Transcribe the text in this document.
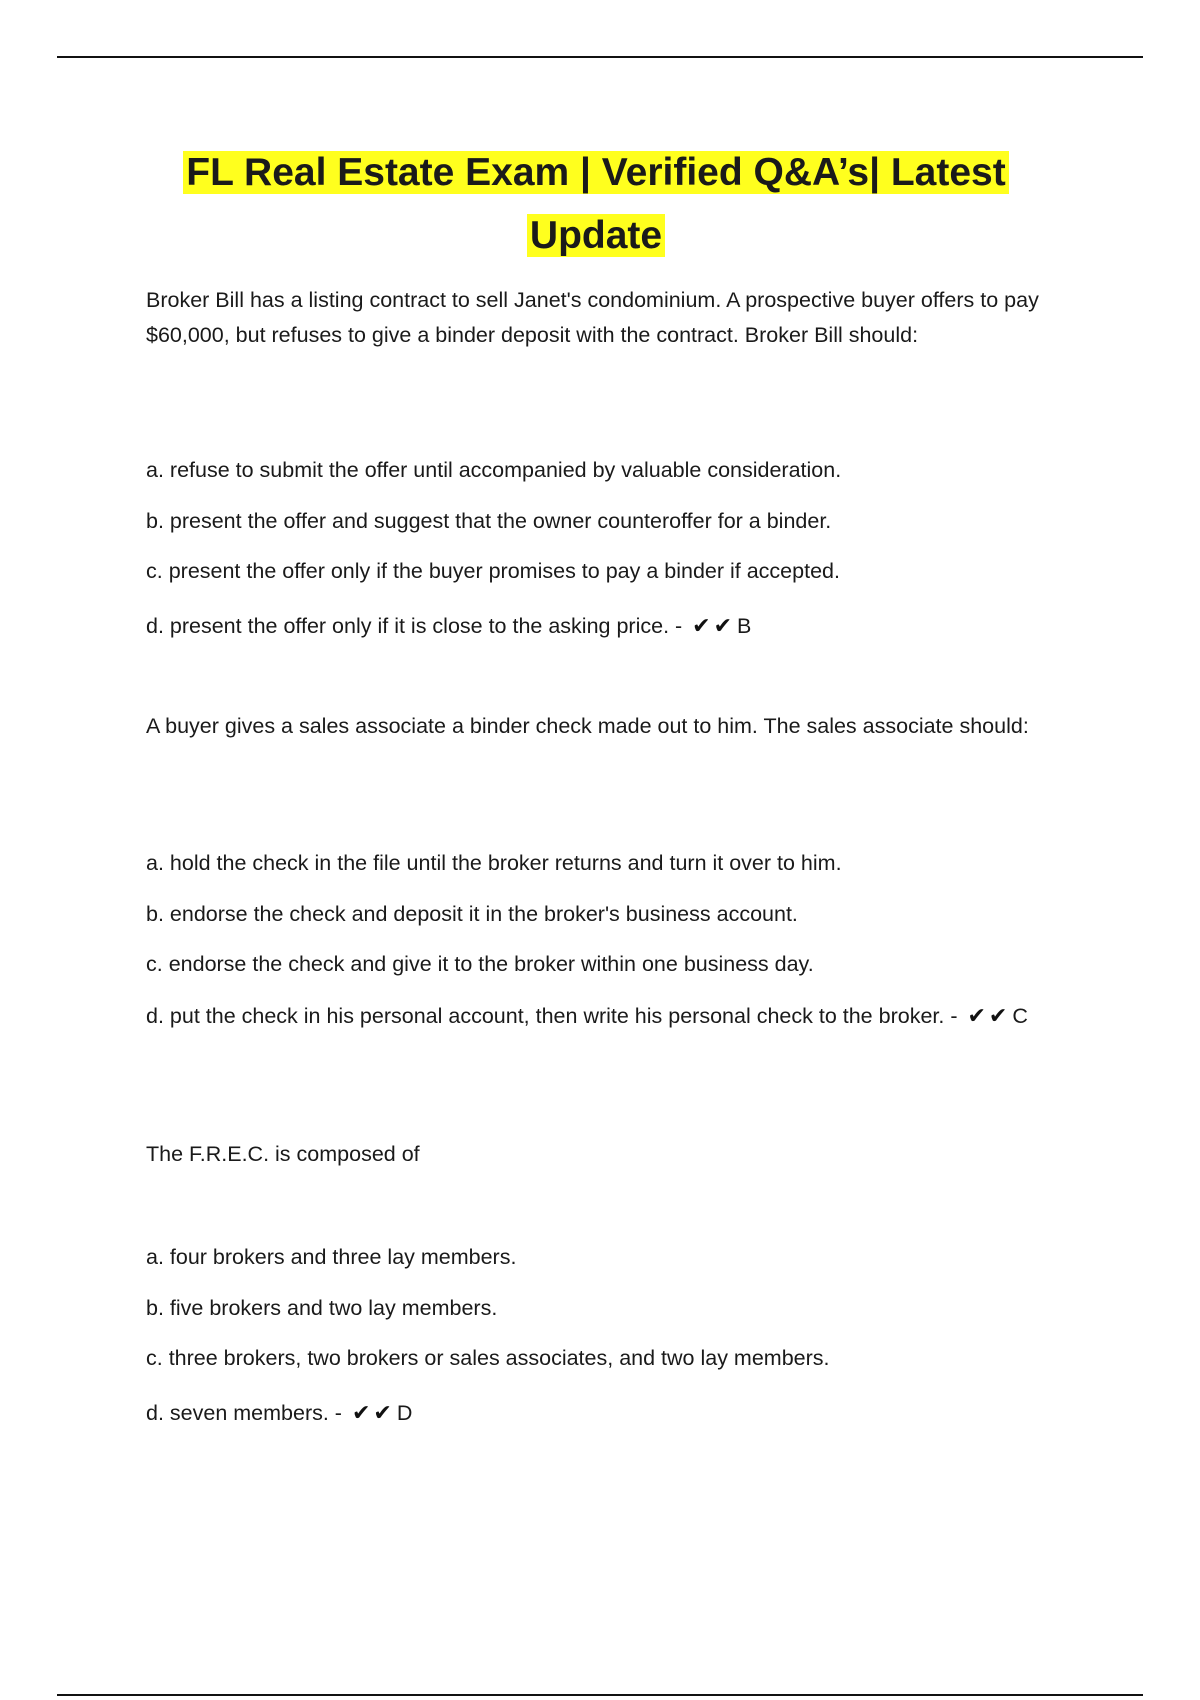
FL Real Estate Exam | Verified Q&A’s| Latest Update

Broker Bill has a listing contract to sell Janet's condominium. A prospective buyer offers to pay $60,000, but refuses to give a binder deposit with the contract. Broker Bill should:

a. refuse to submit the offer until accompanied by valuable consideration.

b. present the offer and suggest that the owner counteroffer for a binder.

c. present the offer only if the buyer promises to pay a binder if accepted.

d. present the offer only if it is close to the asking price. - ✔✔B

A buyer gives a sales associate a binder check made out to him. The sales associate should:

a. hold the check in the file until the broker returns and turn it over to him.

b. endorse the check and deposit it in the broker's business account.

c. endorse the check and give it to the broker within one business day.

d. put the check in his personal account, then write his personal check to the broker. - ✔✔C

The F.R.E.C. is composed of

a. four brokers and three lay members.

b. five brokers and two lay members.

c. three brokers, two brokers or sales associates, and two lay members.

d. seven members. - ✔✔D
